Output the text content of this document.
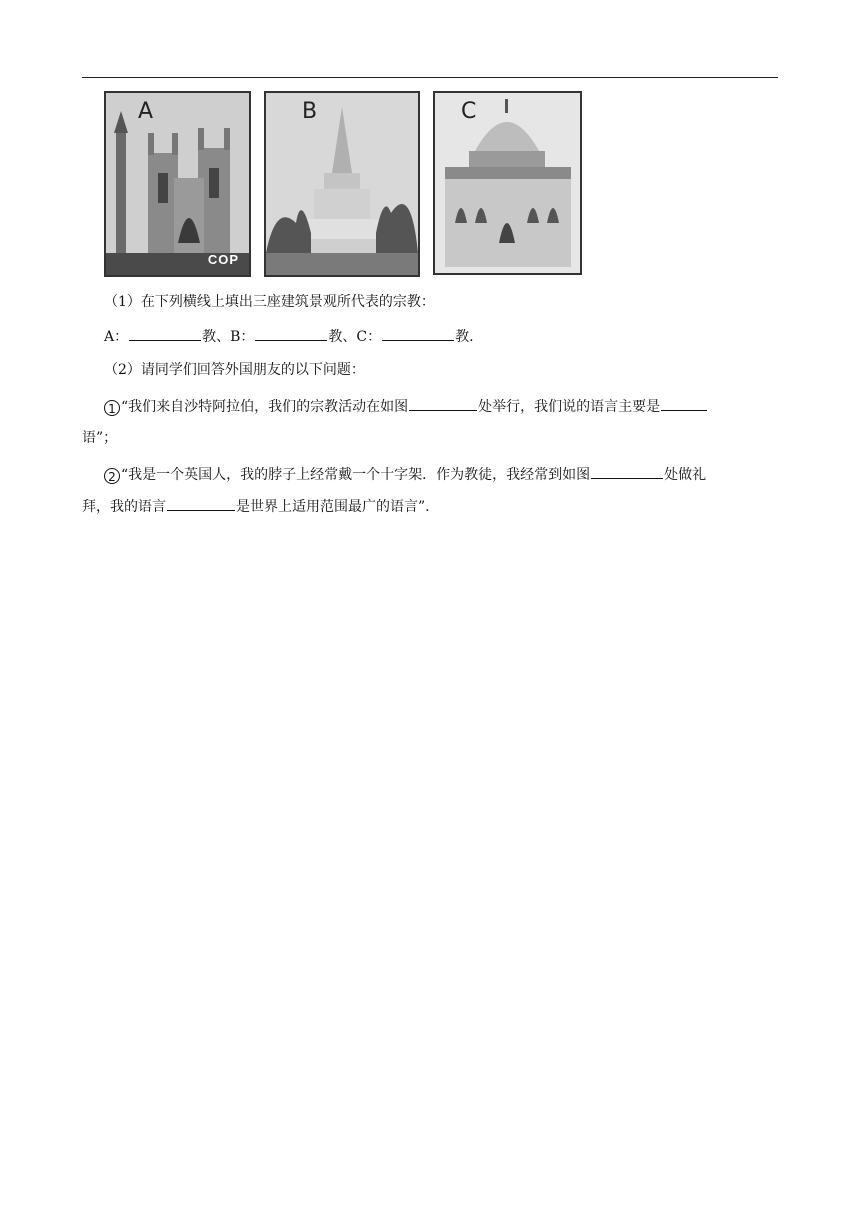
A
COP
B	C
（1）在下列横线上填出三座建筑景观所代表的宗教：
A：	教、B：	教、C：	教.
（2）请同学们回答外国朋友的以下问题：
1 “我们来自沙特阿拉伯，我们的宗教活动在如图	处举行，我们说的语言主要是
语”；
2 “我是一个英国人，我的脖子上经常戴一个十字架．作为教徒，我经常到如图	处做礼
拜，我的语言	是世界上适用范围最广的语言”.
